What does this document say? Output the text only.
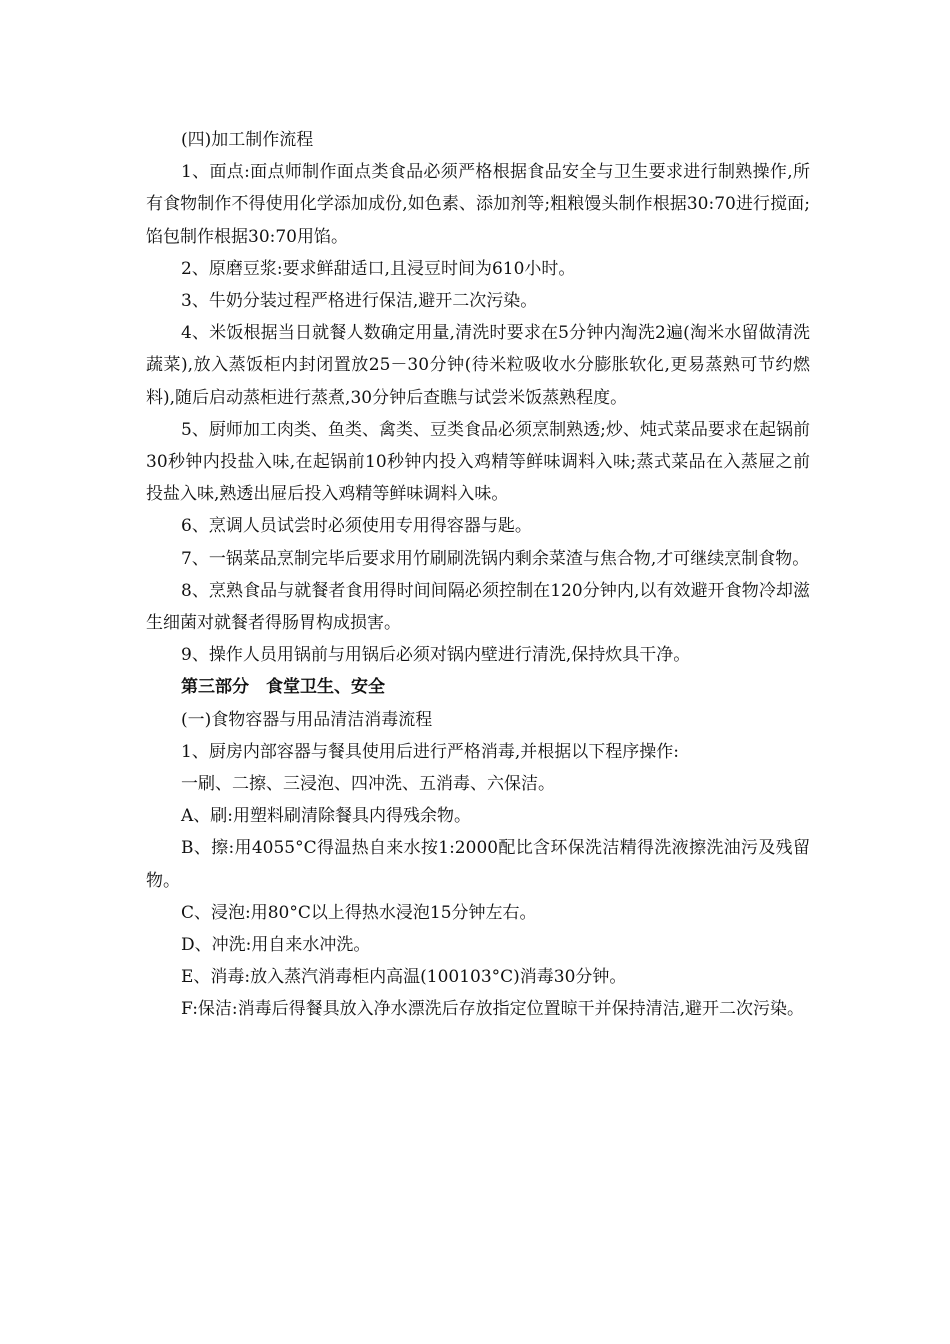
(四)加工制作流程

1、面点:面点师制作面点类食品必须严格根据食品安全与卫生要求进行制熟操作,所有食物制作不得使用化学添加成份,如色素、添加剂等;粗粮馒头制作根据30:70进行搅面;馅包制作根据30:70用馅。

2、原磨豆浆:要求鲜甜适口,且浸豆时间为610小时。

3、牛奶分装过程严格进行保洁,避开二次污染。

4、米饭根据当日就餐人数确定用量,清洗时要求在5分钟内淘洗2遍(淘米水留做清洗蔬菜),放入蒸饭柜内封闭置放25－30分钟(待米粒吸收水分膨胀软化,更易蒸熟可节约燃料),随后启动蒸柜进行蒸煮,30分钟后查瞧与试尝米饭蒸熟程度。

5、厨师加工肉类、鱼类、禽类、豆类食品必须烹制熟透;炒、炖式菜品要求在起锅前30秒钟内投盐入味,在起锅前10秒钟内投入鸡精等鲜味调料入味;蒸式菜品在入蒸屉之前投盐入味,熟透出屉后投入鸡精等鲜味调料入味。

6、烹调人员试尝时必须使用专用得容器与匙。

7、一锅菜品烹制完毕后要求用竹刷刷洗锅内剩余菜渣与焦合物,才可继续烹制食物。

8、烹熟食品与就餐者食用得时间间隔必须控制在120分钟内,以有效避开食物冷却滋生细菌对就餐者得肠胃构成损害。

9、操作人员用锅前与用锅后必须对锅内壁进行清洗,保持炊具干净。

第三部分　食堂卫生、安全

(一)食物容器与用品清洁消毒流程

1、厨房内部容器与餐具使用后进行严格消毒,并根据以下程序操作:

一刷、二擦、三浸泡、四冲洗、五消毒、六保洁。

A、刷:用塑料刷清除餐具内得残余物。

B、擦:用4055°C得温热自来水按1:2000配比含环保洗洁精得洗液擦洗油污及残留物。

C、浸泡:用80°C以上得热水浸泡15分钟左右。

D、冲洗:用自来水冲洗。

E、消毒:放入蒸汽消毒柜内高温(100103°C)消毒30分钟。

F:保洁:消毒后得餐具放入净水漂洗后存放指定位置晾干并保持清洁,避开二次污染。
